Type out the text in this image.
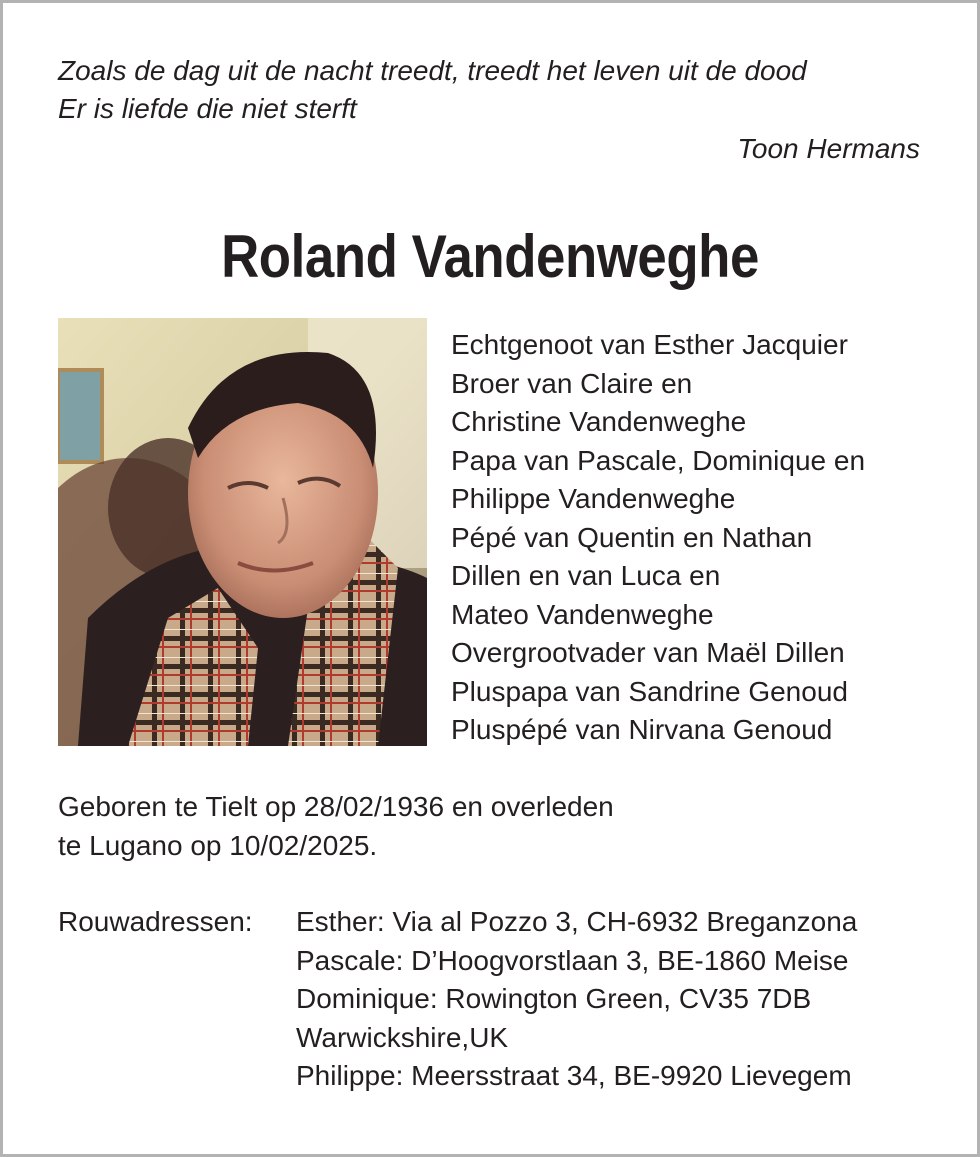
Zoals de dag uit de nacht treedt, treedt het leven uit de dood
Er is liefde die niet sterft
Toon Hermans
Roland Vandenweghe
Echtgenoot van Esther Jacquier
Broer van Claire en
Christine Vandenweghe
Papa van Pascale, Dominique en
Philippe Vandenweghe
Pépé van Quentin en Nathan
Dillen en van Luca en
Mateo Vandenweghe
Overgrootvader van Maël Dillen
Pluspapa van Sandrine Genoud
Pluspépé van Nirvana Genoud
Geboren te Tielt op 28/02/1936 en overleden
te Lugano op 10/02/2025.
Rouwadressen: Esther: Via al Pozzo 3, CH-6932 Breganzona
Pascale: D’Hoogvorstlaan 3, BE-1860 Meise
Dominique: Rowington Green, CV35 7DB
Warwickshire,UK
Philippe: Meersstraat 34, BE-9920 Lievegem
